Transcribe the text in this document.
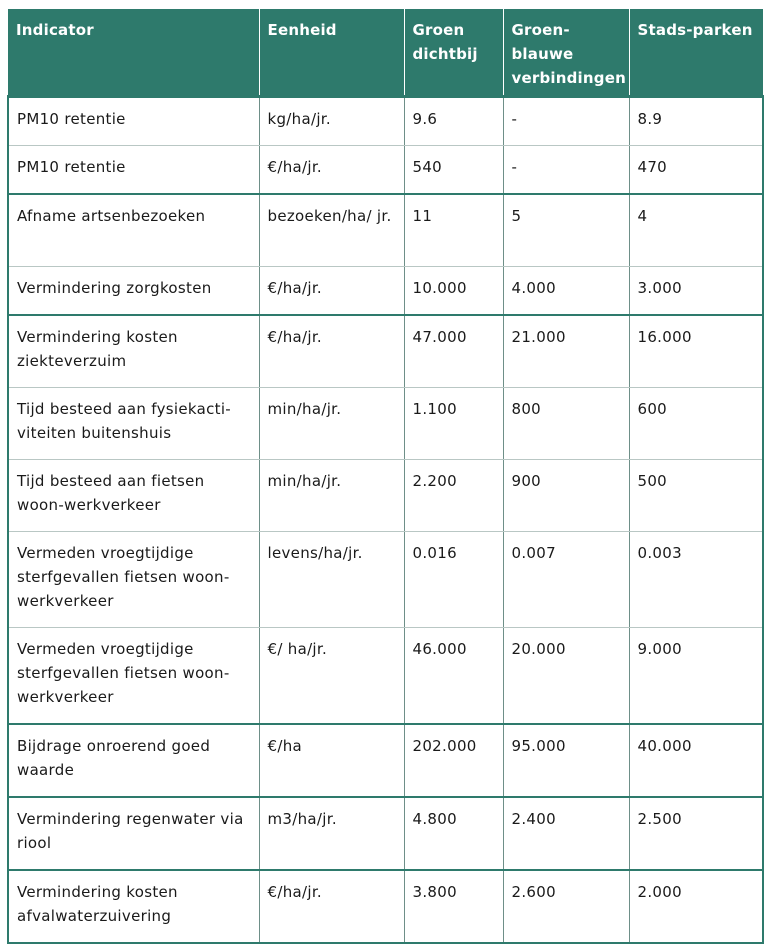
Indicator	Eenheid	Groen dichtbij	Groen-blauwe verbindingen	Stads-parken
PM10 retentie	kg/ha/jr.	9.6	-	8.9
PM10 retentie	€/ha/jr.	540	-	470
Afname artsenbezoeken	bezoeken/ha/ jr.	11	5	4
Vermindering zorgkosten	€/ha/jr.	10.000	4.000	3.000
Vermindering kosten ziekteverzuim	€/ha/jr.	47.000	21.000	16.000
Tijd besteed aan fysiekacti- viteiten buitenshuis	min/ha/jr.	1.100	800	600
Tijd besteed aan fietsen woon-werkverkeer	min/ha/jr.	2.200	900	500
Vermeden vroegtijdige sterfgevallen fietsen woon-werkverkeer	levens/ha/jr.	0.016	0.007	0.003
Vermeden vroegtijdige sterfgevallen fietsen woon-werkverkeer	€/ ha/jr.	46.000	20.000	9.000
Bijdrage onroerend goed waarde	€/ha	202.000	95.000	40.000
Vermindering regenwater via riool	m3/ha/jr.	4.800	2.400	2.500
Vermindering kosten afvalwaterzuivering	€/ha/jr.	3.800	2.600	2.000
